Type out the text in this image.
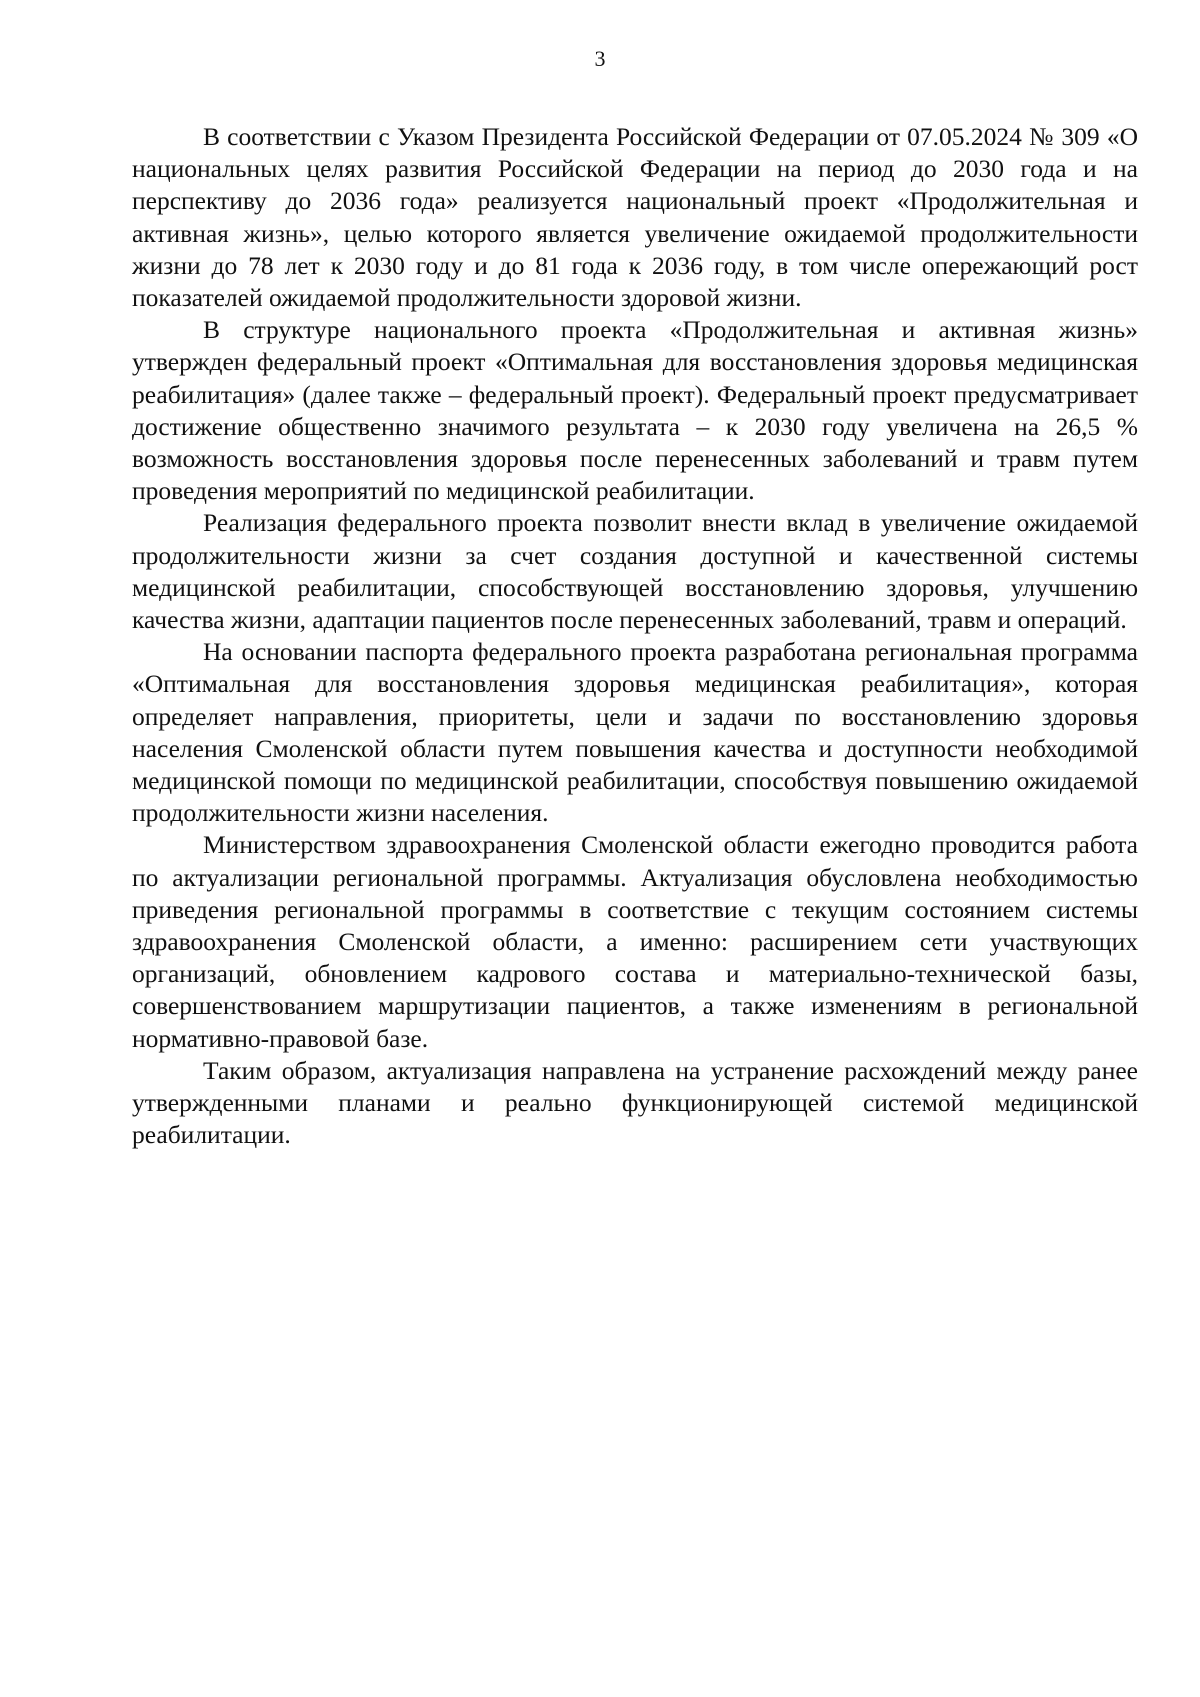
3

В соответствии с Указом Президента Российской Федерации от 07.05.2024 № 309 «О национальных целях развития Российской Федерации на период до 2030 года и на перспективу до 2036 года» реализуется национальный проект «Продолжительная и активная жизнь», целью которого является увеличение ожидаемой продолжительности жизни до 78 лет к 2030 году и до 81 года к 2036 году, в том числе опережающий рост показателей ожидаемой продолжительности здоровой жизни.

В структуре национального проекта «Продолжительная и активная жизнь» утвержден федеральный проект «Оптимальная для восстановления здоровья медицинская реабилитация» (далее также – федеральный проект). Федеральный проект предусматривает достижение общественно значимого результата – к 2030 году увеличена на 26,5 % возможность восстановления здоровья после перенесенных заболеваний и травм путем проведения мероприятий по медицинской реабилитации.

Реализация федерального проекта позволит внести вклад в увеличение ожидаемой продолжительности жизни за счет создания доступной и качественной системы медицинской реабилитации, способствующей восстановлению здоровья, улучшению качества жизни, адаптации пациентов после перенесенных заболеваний, травм и операций.

На основании паспорта федерального проекта разработана региональная программа «Оптимальная для восстановления здоровья медицинская реабилитация», которая определяет направления, приоритеты, цели и задачи по восстановлению здоровья населения Смоленской области путем повышения качества и доступности необходимой медицинской помощи по медицинской реабилитации, способствуя повышению ожидаемой продолжительности жизни населения.

Министерством здравоохранения Смоленской области ежегодно проводится работа по актуализации региональной программы. Актуализация обусловлена необходимостью приведения региональной программы в соответствие с текущим состоянием системы здравоохранения Смоленской области, а именно: расширением сети участвующих организаций, обновлением кадрового состава и материально-технической базы, совершенствованием маршрутизации пациентов, а также изменениям в региональной нормативно-правовой базе.

Таким образом, актуализация направлена на устранение расхождений между ранее утвержденными планами и реально функционирующей системой медицинской реабилитации.
